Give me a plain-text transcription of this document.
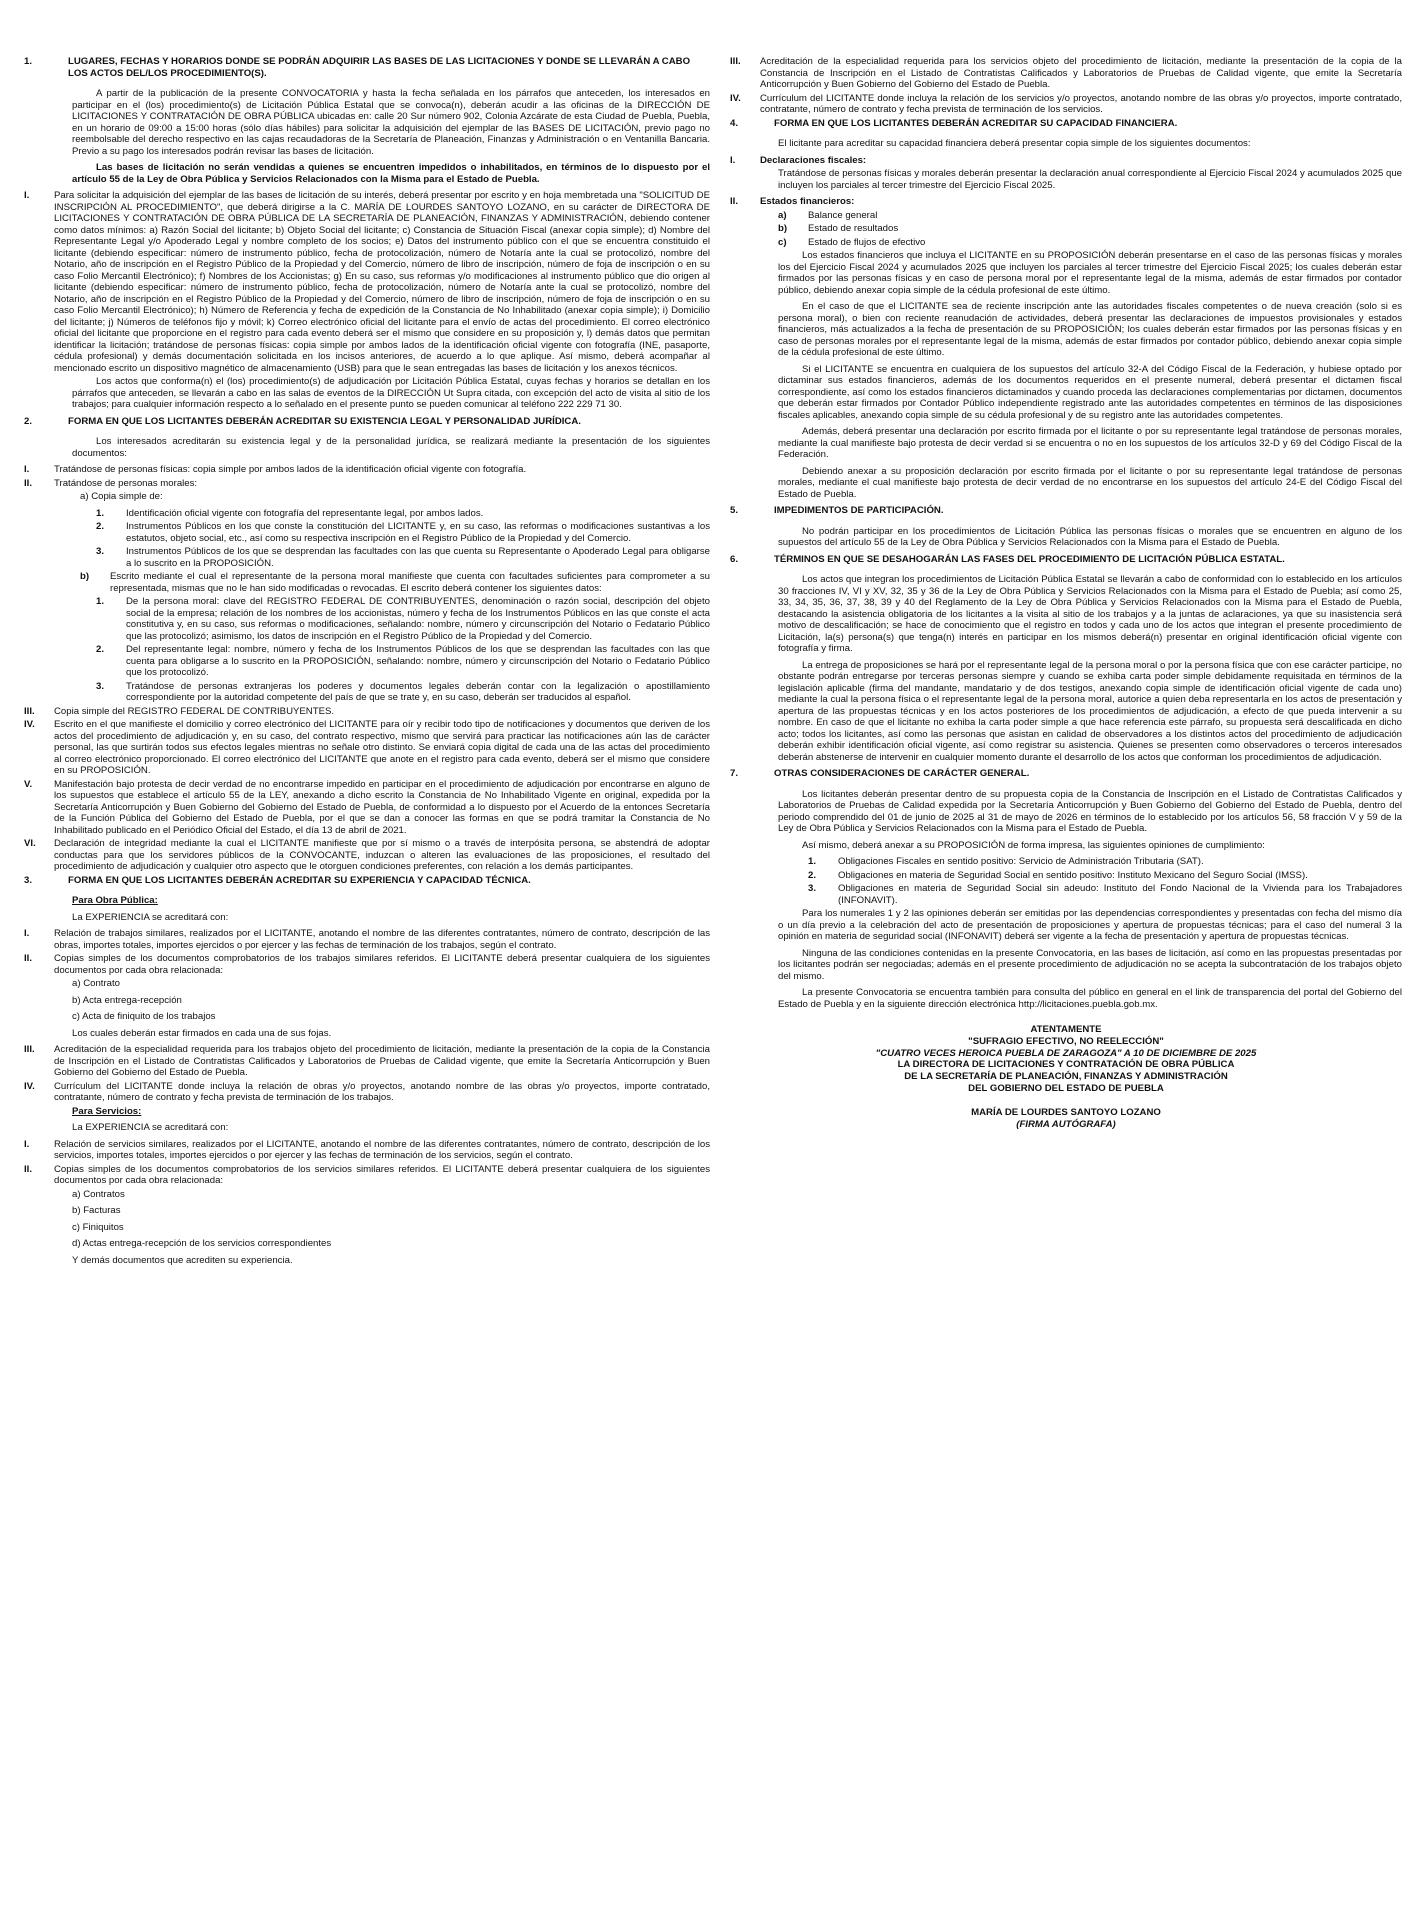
1.	LUGARES, FECHAS Y HORARIOS DONDE SE PODRÁN ADQUIRIR LAS BASES DE LAS LICITACIONES Y DONDE SE LLEVARÁN A CABO LOS ACTOS DEL/LOS PROCEDIMIENTO(S).
A partir de la publicación de la presente CONVOCATORIA y hasta la fecha señalada en los párrafos que anteceden, los interesados en participar en el (los) procedimiento(s) de Licitación Pública Estatal que se convoca(n), deberán acudir a las oficinas de la DIRECCIÓN DE LICITACIONES Y CONTRATACIÓN DE OBRA PÚBLICA ubicadas en: calle 20 Sur número 902, Colonia Azcárate de esta Ciudad de Puebla, Puebla, en un horario de 09:00 a 15:00 horas (sólo días hábiles) para solicitar la adquisición del ejemplar de las BASES DE LICITACIÓN, previo pago no reembolsable del derecho respectivo en las cajas recaudadoras de la Secretaría de Planeación, Finanzas y Administración o en Ventanilla Bancaria. Previo a su pago los interesados podrán revisar las bases de licitación.
Las bases de licitación no serán vendidas a quienes se encuentren impedidos o inhabilitados, en términos de lo dispuesto por el artículo 55 de la Ley de Obra Pública y Servicios Relacionados con la Misma para el Estado de Puebla.
I.	Para solicitar la adquisición del ejemplar de las bases de licitación de su interés, deberá presentar por escrito y en hoja membretada una "SOLICITUD DE INSCRIPCIÓN AL PROCEDIMIENTO", que deberá dirigirse a la C. MARÍA DE LOURDES SANTOYO LOZANO, en su carácter de DIRECTORA DE LICITACIONES Y CONTRATACIÓN DE OBRA PÚBLICA DE LA SECRETARÍA DE PLANEACIÓN, FINANZAS Y ADMINISTRACIÓN, debiendo contener como datos mínimos: a) Razón Social del licitante; b) Objeto Social del licitante; c) Constancia de Situación Fiscal (anexar copia simple); d) Nombre del Representante Legal y/o Apoderado Legal y nombre completo de los socios; e) Datos del instrumento público con el que se encuentra constituido el licitante (debiendo especificar: número de instrumento público, fecha de protocolización, número de Notaría ante la cual se protocolizó, nombre del Notario, año de inscripción en el Registro Público de la Propiedad y del Comercio, número de libro de inscripción, número de foja de inscripción o en su caso Folio Mercantil Electrónico); f) Nombres de los Accionistas; g) En su caso, sus reformas y/o modificaciones al instrumento público que dio origen al licitante (debiendo especificar: número de instrumento público, fecha de protocolización, número de Notaría ante la cual se protocolizó, nombre del Notario, año de inscripción en el Registro Público de la Propiedad y del Comercio, número de libro de inscripción, número de foja de inscripción o en su caso Folio Mercantil Electrónico); h) Número de Referencia y fecha de expedición de la Constancia de No Inhabilitado (anexar copia simple); i) Domicilio del licitante; j) Números de teléfonos fijo y móvil; k) Correo electrónico oficial del licitante para el envío de actas del procedimiento. El correo electrónico oficial del licitante que proporcione en el registro para cada evento deberá ser el mismo que considere en su proposición y, l) demás datos que permitan identificar la licitación; tratándose de personas físicas: copia simple por ambos lados de la identificación oficial vigente con fotografía (INE, pasaporte, cédula profesional) y demás documentación solicitada en los incisos anteriores, de acuerdo a lo que aplique. Así mismo, deberá acompañar al mencionado escrito un dispositivo magnético de almacenamiento (USB) para que le sean entregadas las bases de licitación y los anexos técnicos.
Los actos que conforma(n) el (los) procedimiento(s) de adjudicación por Licitación Pública Estatal, cuyas fechas y horarios se detallan en los párrafos que anteceden, se llevarán a cabo en las salas de eventos de la DIRECCIÓN Ut Supra citada, con excepción del acto de visita al sitio de los trabajos; para cualquier información respecto a lo señalado en el presente punto se pueden comunicar al teléfono 222 229 71 30.
2.	FORMA EN QUE LOS LICITANTES DEBERÁN ACREDITAR SU EXISTENCIA LEGAL Y PERSONALIDAD JURÍDICA.
Los interesados acreditarán su existencia legal y de la personalidad jurídica, se realizará mediante la presentación de los siguientes documentos:
I.	Tratándose de personas físicas: copia simple por ambos lados de la identificación oficial vigente con fotografía.
II.	Tratándose de personas morales:
a) Copia simple de:
1.	Identificación oficial vigente con fotografía del representante legal, por ambos lados.
2.	Instrumentos Públicos en los que conste la constitución del LICITANTE y, en su caso, las reformas o modificaciones sustantivas a los estatutos, objeto social, etc., así como su respectiva inscripción en el Registro Público de la Propiedad y del Comercio.
3.	Instrumentos Públicos de los que se desprendan las facultades con las que cuenta su Representante o Apoderado Legal para obligarse a lo suscrito en la PROPOSICIÓN.
b)	Escrito mediante el cual el representante de la persona moral manifieste que cuenta con facultades suficientes para comprometer a su representada, mismas que no le han sido modificadas o revocadas. El escrito deberá contener los siguientes datos:
1.	De la persona moral: clave del REGISTRO FEDERAL DE CONTRIBUYENTES, denominación o razón social, descripción del objeto social de la empresa; relación de los nombres de los accionistas, número y fecha de los Instrumentos Públicos en las que conste el acta constitutiva y, en su caso, sus reformas o modificaciones, señalando: nombre, número y circunscripción del Notario o Fedatario Público que las protocolizó; asimismo, los datos de inscripción en el Registro Público de la Propiedad y del Comercio.
2.	Del representante legal: nombre, número y fecha de los Instrumentos Públicos de los que se desprendan las facultades con las que cuenta para obligarse a lo suscrito en la PROPOSICIÓN, señalando: nombre, número y circunscripción del Notario o Fedatario Público que los protocolizó.
3.	Tratándose de personas extranjeras los poderes y documentos legales deberán contar con la legalización o apostillamiento correspondiente por la autoridad competente del país de que se trate y, en su caso, deberán ser traducidos al español.
III.	Copia simple del REGISTRO FEDERAL DE CONTRIBUYENTES.
IV.	Escrito en el que manifieste el domicilio y correo electrónico del LICITANTE para oír y recibir todo tipo de notificaciones y documentos que deriven de los actos del procedimiento de adjudicación y, en su caso, del contrato respectivo, mismo que servirá para practicar las notificaciones aún las de carácter personal, las que surtirán todos sus efectos legales mientras no señale otro distinto. Se enviará copia digital de cada una de las actas del procedimiento al correo electrónico proporcionado. El correo electrónico del LICITANTE que anote en el registro para cada evento, deberá ser el mismo que considere en su PROPOSICIÓN.
V.	Manifestación bajo protesta de decir verdad de no encontrarse impedido en participar en el procedimiento de adjudicación por encontrarse en alguno de los supuestos que establece el artículo 55 de la LEY, anexando a dicho escrito la Constancia de No Inhabilitado Vigente en original, expedida por la Secretaría Anticorrupción y Buen Gobierno del Gobierno del Estado de Puebla, de conformidad a lo dispuesto por el Acuerdo de la entonces Secretaría de la Función Pública del Gobierno del Estado de Puebla, por el que se dan a conocer las formas en que se podrá tramitar la Constancia de No Inhabilitado publicado en el Periódico Oficial del Estado, el día 13 de abril de 2021.
VI.	Declaración de integridad mediante la cual el LICITANTE manifieste que por sí mismo o a través de interpósita persona, se abstendrá de adoptar conductas para que los servidores públicos de la CONVOCANTE, induzcan o alteren las evaluaciones de las proposiciones, el resultado del procedimiento de adjudicación y cualquier otro aspecto que le otorguen condiciones preferentes, con relación a los demás participantes.
3.	FORMA EN QUE LOS LICITANTES DEBERÁN ACREDITAR SU EXPERIENCIA Y CAPACIDAD TÉCNICA.
Para Obra Pública:
La EXPERIENCIA se acreditará con:
I.	Relación de trabajos similares, realizados por el LICITANTE, anotando el nombre de las diferentes contratantes, número de contrato, descripción de las obras, importes totales, importes ejercidos o por ejercer y las fechas de terminación de los trabajos, según el contrato.
II.	Copias simples de los documentos comprobatorios de los trabajos similares referidos. El LICITANTE deberá presentar cualquiera de los siguientes documentos por cada obra relacionada:
a) Contrato
b) Acta entrega-recepción
c) Acta de finiquito de los trabajos
Los cuales deberán estar firmados en cada una de sus fojas.
III.	Acreditación de la especialidad requerida para los trabajos objeto del procedimiento de licitación, mediante la presentación de la copia de la Constancia de Inscripción en el Listado de Contratistas Calificados y Laboratorios de Pruebas de Calidad vigente, que emite la Secretaría Anticorrupción y Buen Gobierno del Gobierno del Estado de Puebla.
IV.	Currículum del LICITANTE donde incluya la relación de obras y/o proyectos, anotando nombre de las obras y/o proyectos, importe contratado, contratante, número de contrato y fecha prevista de terminación de los trabajos.
Para Servicios:
La EXPERIENCIA se acreditará con:
I.	Relación de servicios similares, realizados por el LICITANTE, anotando el nombre de las diferentes contratantes, número de contrato, descripción de los servicios, importes totales, importes ejercidos o por ejercer y las fechas de terminación de los servicios, según el contrato.
II.	Copias simples de los documentos comprobatorios de los servicios similares referidos. El LICITANTE deberá presentar cualquiera de los siguientes documentos por cada obra relacionada:
a) Contratos
b) Facturas
c) Finiquitos
d) Actas entrega-recepción de los servicios correspondientes
Y demás documentos que acrediten su experiencia.
III.	Acreditación de la especialidad requerida para los servicios objeto del procedimiento de licitación, mediante la presentación de la copia de la Constancia de Inscripción en el Listado de Contratistas Calificados y Laboratorios de Pruebas de Calidad vigente, que emite la Secretaría Anticorrupción y Buen Gobierno del Gobierno del Estado de Puebla.
IV.	Currículum del LICITANTE donde incluya la relación de los servicios y/o proyectos, anotando nombre de las obras y/o proyectos, importe contratado, contratante, número de contrato y fecha prevista de terminación de los servicios.
4.	FORMA EN QUE LOS LICITANTES DEBERÁN ACREDITAR SU CAPACIDAD FINANCIERA.
El licitante para acreditar su capacidad financiera deberá presentar copia simple de los siguientes documentos:
I.	Declaraciones fiscales:
Tratándose de personas físicas y morales deberán presentar la declaración anual correspondiente al Ejercicio Fiscal 2024 y acumulados 2025 que incluyen los parciales al tercer trimestre del Ejercicio Fiscal 2025.
II.	Estados financieros:
a)	Balance general
b)	Estado de resultados
c)	Estado de flujos de efectivo
Los estados financieros que incluya el LICITANTE en su PROPOSICIÓN deberán presentarse en el caso de las personas físicas y morales los del Ejercicio Fiscal 2024 y acumulados 2025 que incluyen los parciales al tercer trimestre del Ejercicio Fiscal 2025; los cuales deberán estar firmados por las personas físicas y en caso de persona moral por el representante legal de la misma, además de estar firmados por contador público, debiendo anexar copia simple de la cédula profesional de este último.
En el caso de que el LICITANTE sea de reciente inscripción ante las autoridades fiscales competentes o de nueva creación (solo si es persona moral), o bien con reciente reanudación de actividades, deberá presentar las declaraciones de impuestos provisionales y estados financieros, más actualizados a la fecha de presentación de su PROPOSICIÓN; los cuales deberán estar firmados por las personas físicas y en caso de personas morales por el representante legal de la misma, además de estar firmados por contador público, debiendo anexar copia simple de la cédula profesional de este último.
Si el LICITANTE se encuentra en cualquiera de los supuestos del artículo 32-A del Código Fiscal de la Federación, y hubiese optado por dictaminar sus estados financieros, además de los documentos requeridos en el presente numeral, deberá presentar el dictamen fiscal correspondiente, así como los estados financieros dictaminados y cuando proceda las declaraciones complementarias por dictamen, documentos que deberán estar firmados por Contador Público independiente registrado ante las autoridades competentes en términos de las disposiciones fiscales aplicables, anexando copia simple de su cédula profesional y de su registro ante las autoridades competentes.
Además, deberá presentar una declaración por escrito firmada por el licitante o por su representante legal tratándose de personas morales, mediante la cual manifieste bajo protesta de decir verdad si se encuentra o no en los supuestos de los artículos 32-D y 69 del Código Fiscal de la Federación.
Debiendo anexar a su proposición declaración por escrito firmada por el licitante o por su representante legal tratándose de personas morales, mediante el cual manifieste bajo protesta de decir verdad de no encontrarse en los supuestos del artículo 24-E del Código Fiscal del Estado de Puebla.
5.	IMPEDIMENTOS DE PARTICIPACIÓN.
No podrán participar en los procedimientos de Licitación Pública las personas físicas o morales que se encuentren en alguno de los supuestos del artículo 55 de la Ley de Obra Pública y Servicios Relacionados con la Misma para el Estado de Puebla.
6.	TÉRMINOS EN QUE SE DESAHOGARÁN LAS FASES DEL PROCEDIMIENTO DE LICITACIÓN PÚBLICA ESTATAL.
Los actos que integran los procedimientos de Licitación Pública Estatal se llevarán a cabo de conformidad con lo establecido en los artículos 30 fracciones IV, VI y XV, 32, 35 y 36 de la Ley de Obra Pública y Servicios Relacionados con la Misma para el Estado de Puebla; así como 25, 33, 34, 35, 36, 37, 38, 39 y 40 del Reglamento de la Ley de Obra Pública y Servicios Relacionados con la Misma para el Estado de Puebla, destacando la asistencia obligatoria de los licitantes a la visita al sitio de los trabajos y a la juntas de aclaraciones, ya que su inasistencia será motivo de descalificación; se hace de conocimiento que el registro en todos y cada uno de los actos que integran el presente procedimiento de Licitación, la(s) persona(s) que tenga(n) interés en participar en los mismos deberá(n) presentar en original identificación oficial vigente con fotografía y firma.
La entrega de proposiciones se hará por el representante legal de la persona moral o por la persona física que con ese carácter participe, no obstante podrán entregarse por terceras personas siempre y cuando se exhiba carta poder simple debidamente requisitada en términos de la legislación aplicable (firma del mandante, mandatario y de dos testigos, anexando copia simple de identificación oficial vigente de cada uno) mediante la cual la persona física o el representante legal de la persona moral, autorice a quien deba representarla en los actos de presentación y apertura de las propuestas técnicas y en los actos posteriores de los procedimientos de adjudicación, a efecto de que pueda intervenir a su nombre. En caso de que el licitante no exhiba la carta poder simple a que hace referencia este párrafo, su propuesta será descalificada en dicho acto; todos los licitantes, así como las personas que asistan en calidad de observadores a los distintos actos del procedimiento de adjudicación deberán exhibir identificación oficial vigente, así como registrar su asistencia. Quienes se presenten como observadores o terceros interesados deberán abstenerse de intervenir en cualquier momento durante el desarrollo de los actos que conforman los procedimientos de adjudicación.
7.	OTRAS CONSIDERACIONES DE CARÁCTER GENERAL.
Los licitantes deberán presentar dentro de su propuesta copia de la Constancia de Inscripción en el Listado de Contratistas Calificados y Laboratorios de Pruebas de Calidad expedida por la Secretaría Anticorrupción y Buen Gobierno del Gobierno del Estado de Puebla, dentro del periodo comprendido del 01 de junio de 2025 al 31 de mayo de 2026 en términos de lo establecido por los artículos 56, 58 fracción V y 59 de la Ley de Obra Pública y Servicios Relacionados con la Misma para el Estado de Puebla.
Así mismo, deberá anexar a su PROPOSICIÓN de forma impresa, las siguientes opiniones de cumplimiento:
1.	Obligaciones Fiscales en sentido positivo: Servicio de Administración Tributaria (SAT).
2.	Obligaciones en materia de Seguridad Social en sentido positivo: Instituto Mexicano del Seguro Social (IMSS).
3.	Obligaciones en materia de Seguridad Social sin adeudo: Instituto del Fondo Nacional de la Vivienda para los Trabajadores (INFONAVIT).
Para los numerales 1 y 2 las opiniones deberán ser emitidas por las dependencias correspondientes y presentadas con fecha del mismo día o un día previo a la celebración del acto de presentación de proposiciones y apertura de propuestas técnicas; para el caso del numeral 3 la opinión en materia de seguridad social (INFONAVIT) deberá ser vigente a la fecha de presentación y apertura de propuestas técnicas.
Ninguna de las condiciones contenidas en la presente Convocatoria, en las bases de licitación, así como en las propuestas presentadas por los licitantes podrán ser negociadas; además en el presente procedimiento de adjudicación no se acepta la subcontratación de los trabajos objeto del mismo.
La presente Convocatoria se encuentra también para consulta del público en general en el link de transparencia del portal del Gobierno del Estado de Puebla y en la siguiente dirección electrónica http://licitaciones.puebla.gob.mx.
ATENTAMENTE
"SUFRAGIO EFECTIVO, NO REELECCIÓN"
"CUATRO VECES HEROICA PUEBLA DE ZARAGOZA" A 10 DE DICIEMBRE DE 2025
LA DIRECTORA DE LICITACIONES Y CONTRATACIÓN DE OBRA PÚBLICA
DE LA SECRETARÍA DE PLANEACIÓN, FINANZAS Y ADMINISTRACIÓN
DEL GOBIERNO DEL ESTADO DE PUEBLA
MARÍA DE LOURDES SANTOYO LOZANO
(FIRMA AUTÓGRAFA)
